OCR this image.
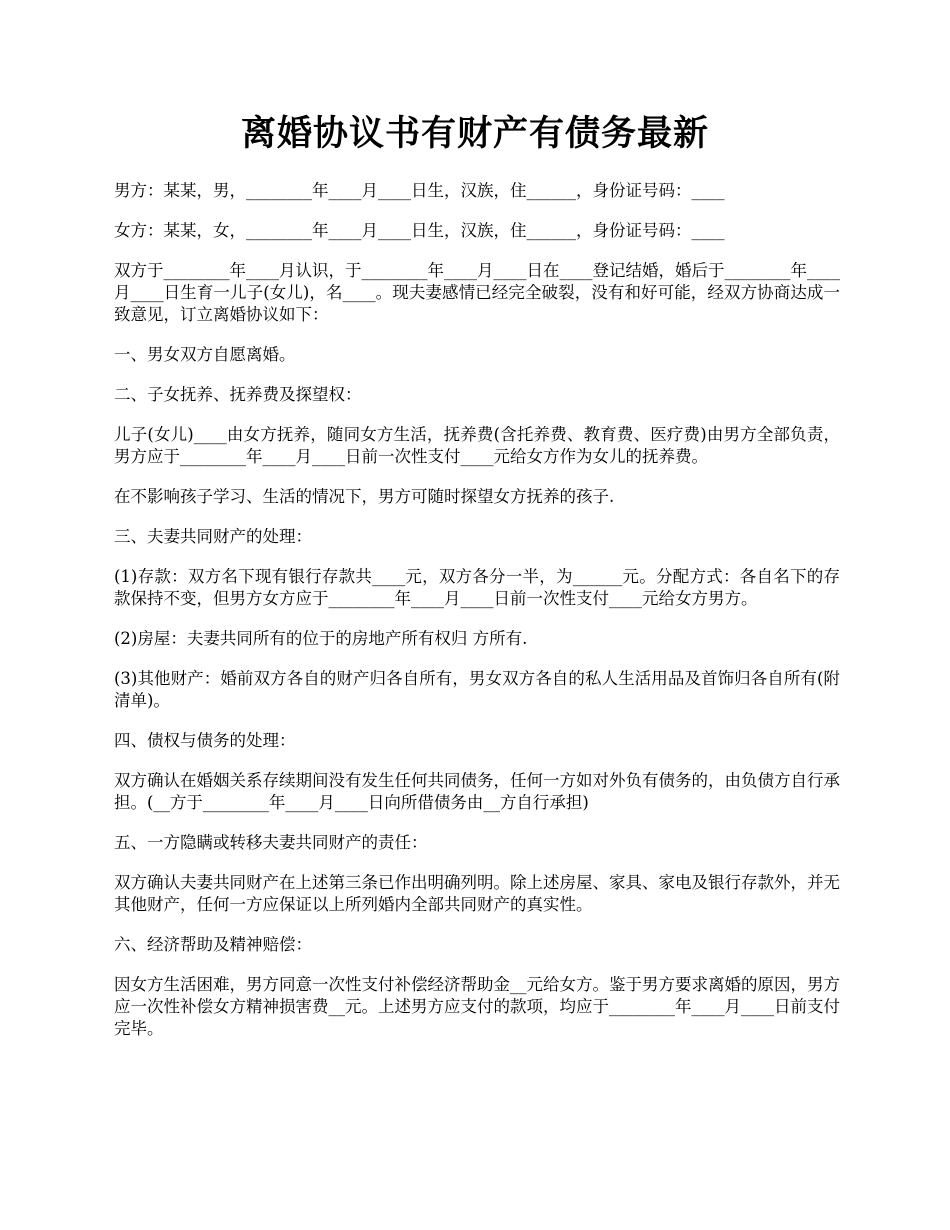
离婚协议书有财产有债务最新

男方：某某，男，________年____月____日生，汉族，住______，身份证号码：____

女方：某某，女，________年____月____日生，汉族，住______，身份证号码：____

双方于________年____月认识，于________年____月____日在____登记结婚，婚后于________年____月____日生育一儿子(女儿)，名____。现夫妻感情已经完全破裂，没有和好可能，经双方协商达成一致意见，订立离婚协议如下：

一、男女双方自愿离婚。

二、子女抚养、抚养费及探望权：

儿子(女儿)____由女方抚养，随同女方生活，抚养费(含托养费、教育费、医疗费)由男方全部负责，男方应于________年____月____日前一次性支付____元给女方作为女儿的抚养费。

在不影响孩子学习、生活的情况下，男方可随时探望女方抚养的孩子.

三、夫妻共同财产的处理：

(1)存款：双方名下现有银行存款共____元，双方各分一半，为______元。分配方式：各自名下的存款保持不变，但男方女方应于________年____月____日前一次性支付____元给女方男方。

(2)房屋：夫妻共同所有的位于的房地产所有权归 方所有.

(3)其他财产：婚前双方各自的财产归各自所有，男女双方各自的私人生活用品及首饰归各自所有(附清单)。

四、债权与债务的处理：

双方确认在婚姻关系存续期间没有发生任何共同债务，任何一方如对外负有债务的，由负债方自行承担。(__方于________年____月____日向所借债务由__方自行承担)

五、一方隐瞒或转移夫妻共同财产的责任：

双方确认夫妻共同财产在上述第三条已作出明确列明。除上述房屋、家具、家电及银行存款外，并无其他财产，任何一方应保证以上所列婚内全部共同财产的真实性。

六、经济帮助及精神赔偿：

因女方生活困难，男方同意一次性支付补偿经济帮助金__元给女方。鉴于男方要求离婚的原因，男方应一次性补偿女方精神损害费__元。上述男方应支付的款项，均应于________年____月____日前支付完毕。
